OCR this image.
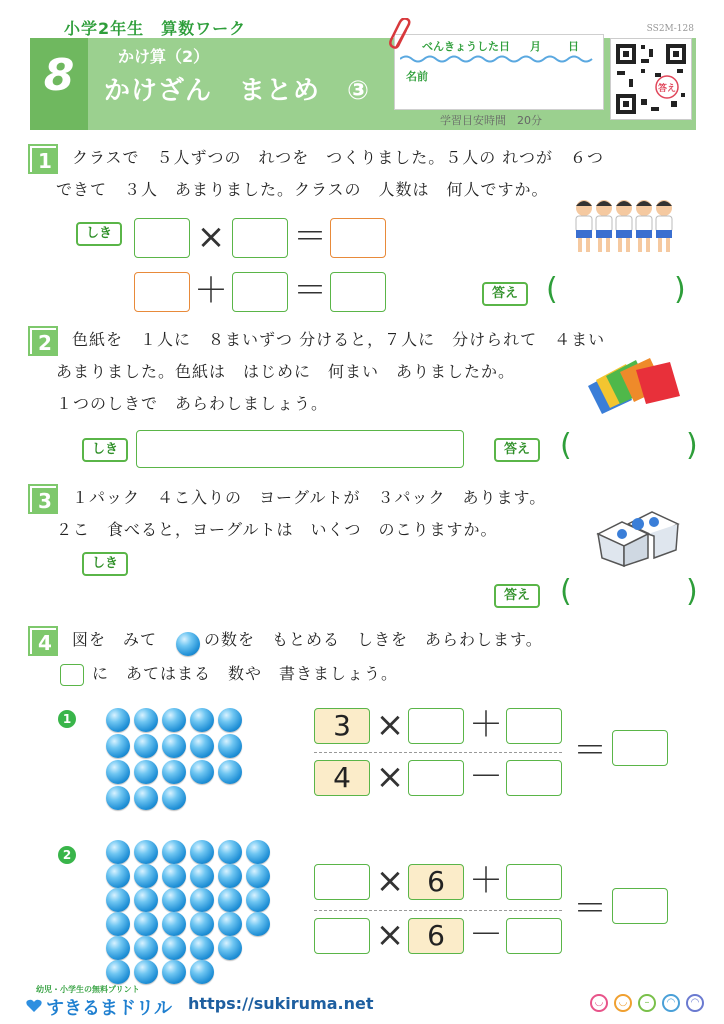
小学2年生　算数ワーク	SS2M-128
8	かけ算（2）
かけざん　まとめ　③
べんきょうした日 月 日
名前
答え
学習目安時間　20分
1	クラスで　５人ずつの　れつを　つくりました。５人の れつが　６つ
できて　３人　あまりました。クラスの　人数は　何人ですか。
しき × ＝
＋ ＝	答え (	)
2	色紙を　１人に　８まいずつ 分けると，７人に　分けられて　４まい
あまりました。色紙は　はじめに　何まい　ありましたか。
１つのしきで　あらわしましょう。
しき	答え (	)
3	１パック　４こ入りの　ヨーグルトが　３パック　あります。
２こ　食べると，ヨーグルトは　いくつ　のこりますか。
しき
答え (	)
4	図を　みて	の数を　もとめる　しきを　あらわします。
に　あてはまる　数や　書きましょう。
1	3 × ＋
4 × －
＝
2
× 6 ＋
× 6 －
＝
幼児・小学生の無料プリント
すきるまドリル https://sukiruma.net	◡	◡	–	◠	◠
